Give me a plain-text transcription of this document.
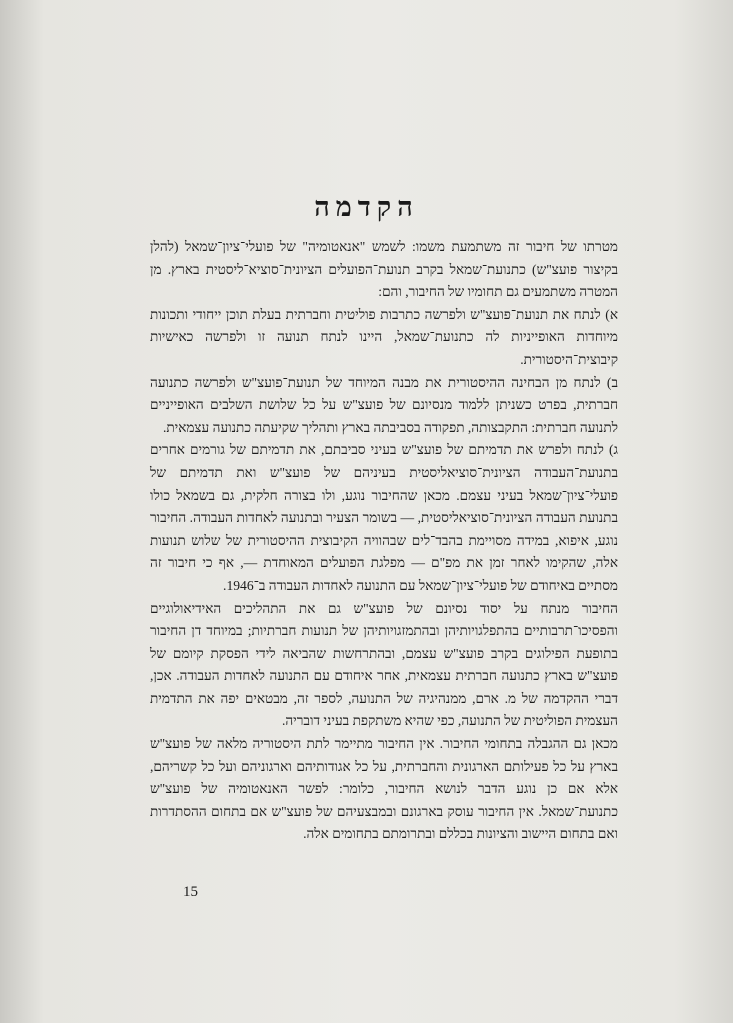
הקדמה

מטרתו של חיבור זה משתמעת משמו: לשמש "אנאטומיה" של פועלי־ציון־שמאל (להלן בקיצור פועצ"ש) כתנועת־שמאל בקרב תנועת־הפועלים הציונית־סוציא־ליסטית בארץ. מן המטרה משתמעים גם תחומיו של החיבור, והם:

א) לנתח את תנועת־פועצ"ש ולפרשה כתרבות פוליטית וחברתית בעלת תוכן ייחודי ותכונות מיוחדות האופייניות לה כתנועת־שמאל, היינו לנתח תנועה זו ולפרשה כאישיות קיבוצית־היסטורית.

ב) לנתח מן הבחינה ההיסטורית את מבנה המיוחד של תנועת־פועצ"ש ולפרשה כתנועה חברתית, בפרט כשניתן ללמוד מנסיונם של פועצ"ש על כל שלושת השלבים האופייניים לתנועה חברתית: התקבצותה, תפקודה בסביבתה בארץ ותהליך שקיעתה כתנועה עצמאית.

ג) לנתח ולפרש את תדמיתם של פועצ"ש בעיני סביבתם, את תדמיתם של גורמים אחרים בתנועת־העבודה הציונית־סוציאליסטית בעיניהם של פועצ"ש ואת תדמיתם של פועלי־ציון־שמאל בעיני עצמם. מכאן שהחיבור נוגע, ולו בצורה חלקית, גם בשמאל כולו בתנועת העבודה הציונית־סוציאליסטית, — בשומר הצעיר ובתנועה לאחדות העבודה. החיבור נוגע, איפוא, במידה מסויימת בהבד־לים שבהוויה הקיבוצית ההיסטורית של שלוש תנועות אלה, שהקימו לאחר זמן את מפ"ם — מפלגת הפועלים המאוחדת —, אף כי חיבור זה מסתיים באיחודם של פועלי־ציון־שמאל עם התנועה לאחדות העבודה ב־1946.

החיבור מנתח על יסוד נסיונם של פועצ"ש גם את התהליכים האידיאולוגיים והפסיכו־תרבותיים בהתפלגויותיהן ובהתמזגויותיהן של תנועות חברתיות; במיוחד דן החיבור בתופעת הפילוגים בקרב פועצ"ש עצמם, ובהתרחשות שהביאה לידי הפסקת קיומם של פועצ"ש בארץ כתנועה חברתית עצמאית, אחר איחודם עם התנועה לאחדות העבודה. אכן, דברי ההקדמה של מ. ארם, ממנהיגיה של התנועה, לספר זה, מבטאים יפה את התדמית העצמית הפוליטית של התנועה, כפי שהיא משתקפת בעיני דובריה.

מכאן גם ההגבלה בתחומי החיבור. אין החיבור מתיימר לתת היסטוריה מלאה של פועצ"ש בארץ על כל פעילותם הארגונית והחברתית, על כל אגודותיהם וארגוניהם ועל כל קשריהם, אלא אם כן נוגע הדבר לנושא החיבור, כלומר: לפשר האנאטומיה של פועצ"ש כתנועת־שמאל. אין החיבור עוסק בארגונם ובמבצעיהם של פועצ"ש אם בתחום ההסתדרות ואם בתחום היישוב והציונות בכללם ובתרומתם בתחומים אלה.

15
